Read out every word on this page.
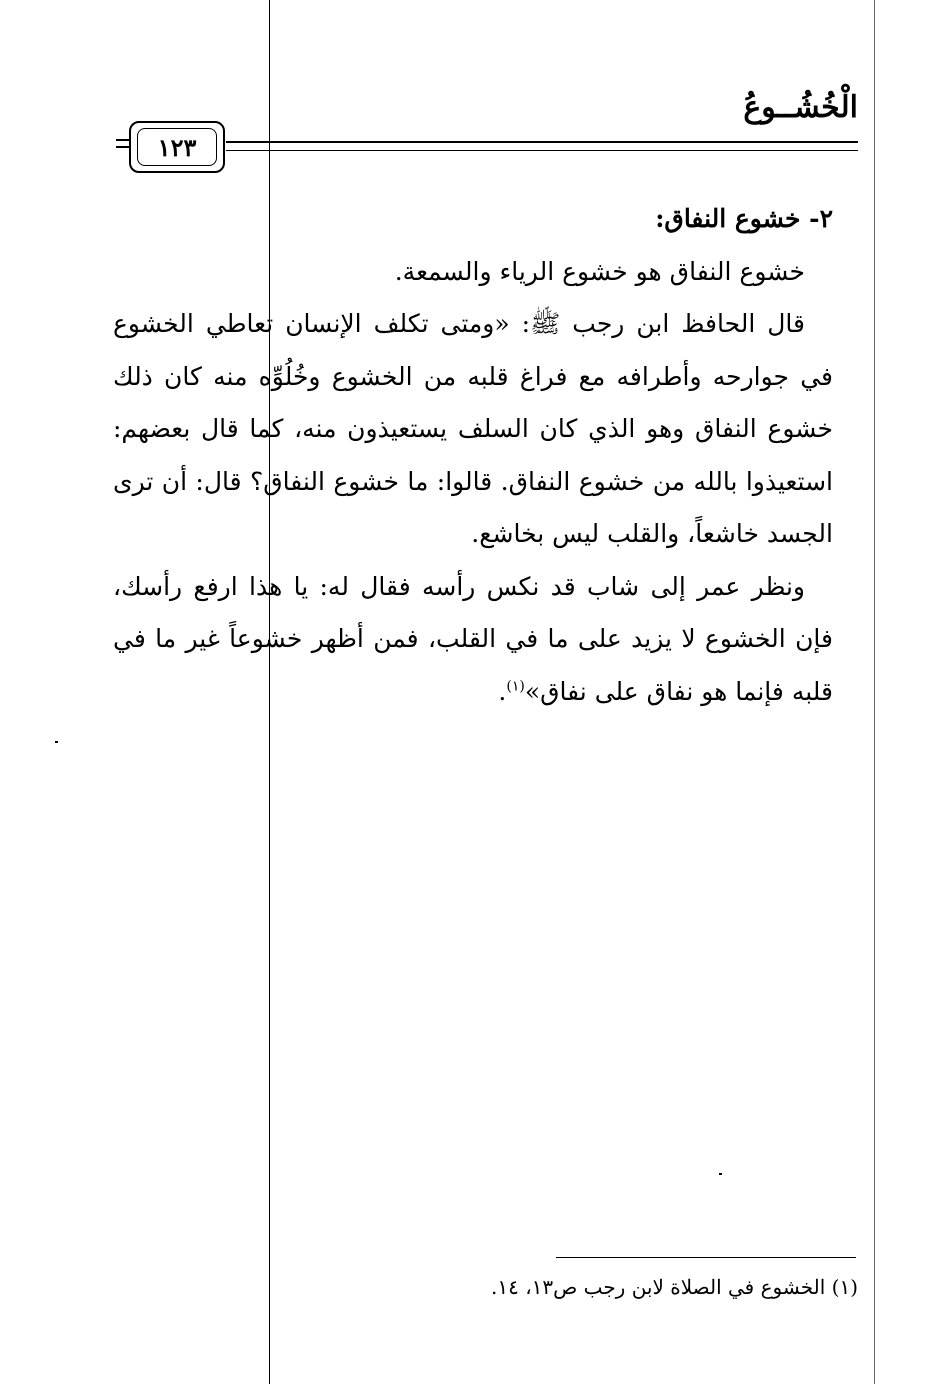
الْخُشُــوعُ
١٢٣

٢- خشوع النفاق:

خشوع النفاق هو خشوع الرياء والسمعة.

قال الحافظ ابن رجب ﷺ: «ومتى تكلف الإنسان تعاطي الخشوع في جوارحه وأطرافه مع فراغ قلبه من الخشوع وخُلُوِّه منه كان ذلك خشوع النفاق وهو الذي كان السلف يستعيذون منه، كما قال بعضهم: استعيذوا بالله من خشوع النفاق. قالوا: ما خشوع النفاق؟ قال: أن ترى الجسد خاشعاً، والقلب ليس بخاشع.

ونظر عمر إلى شاب قد نكس رأسه فقال له: يا هذا ارفع رأسك، فإن الخشوع لا يزيد على ما في القلب، فمن أظهر خشوعاً غير ما في قلبه فإنما هو نفاق على نفاق»$^{(١)}$.

(١) الخشوع في الصلاة لابن رجب ص١٣، ١٤.
